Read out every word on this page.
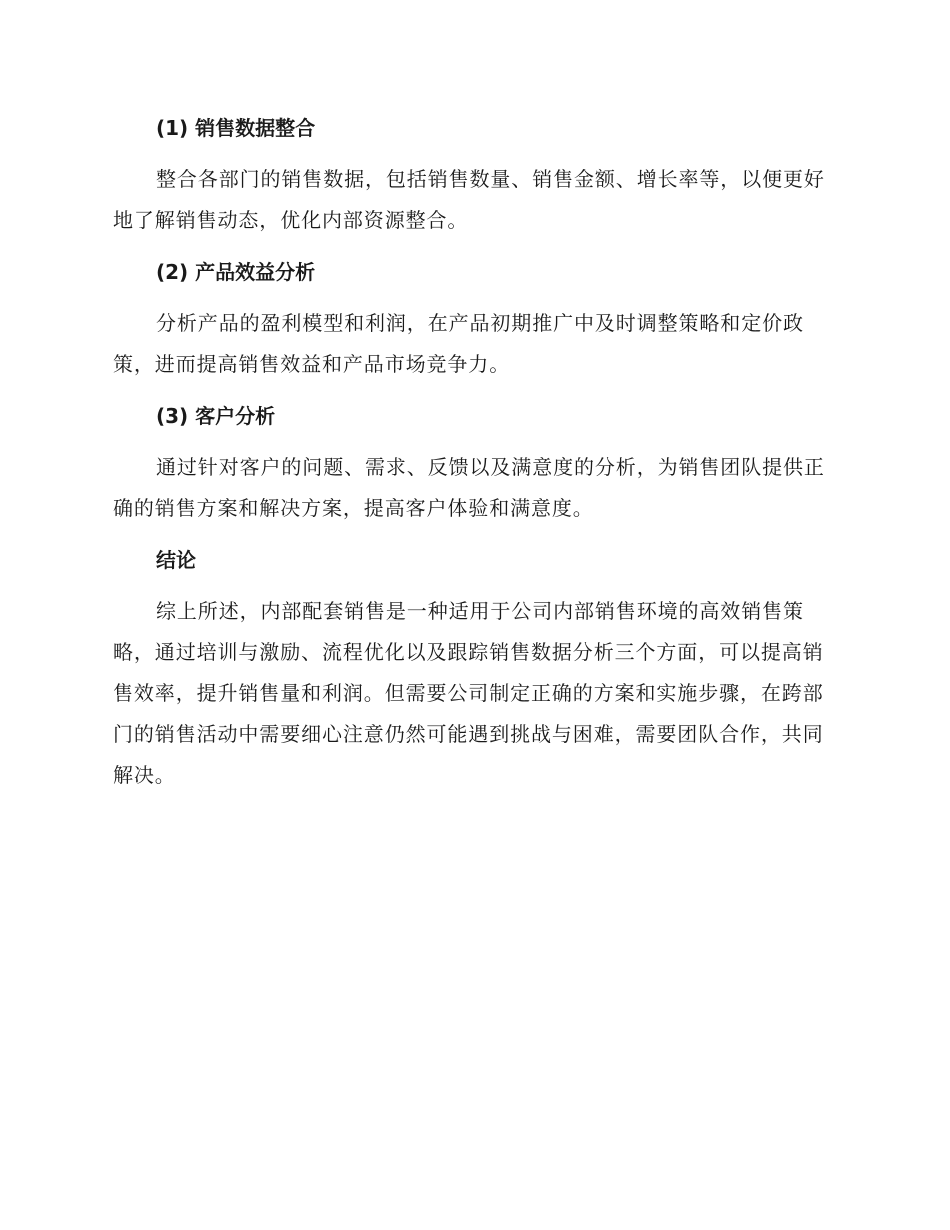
(1) 销售数据整合

整合各部门的销售数据，包括销售数量、销售金额、增长率等，以便更好地了解销售动态，优化内部资源整合。

(2) 产品效益分析

分析产品的盈利模型和利润，在产品初期推广中及时调整策略和定价政策，进而提高销售效益和产品市场竞争力。

(3) 客户分析

通过针对客户的问题、需求、反馈以及满意度的分析，为销售团队提供正确的销售方案和解决方案，提高客户体验和满意度。

结论

综上所述，内部配套销售是一种适用于公司内部销售环境的高效销售策略，通过培训与激励、流程优化以及跟踪销售数据分析三个方面，可以提高销售效率，提升销售量和利润。但需要公司制定正确的方案和实施步骤，在跨部门的销售活动中需要细心注意仍然可能遇到挑战与困难，需要团队合作，共同解决。
